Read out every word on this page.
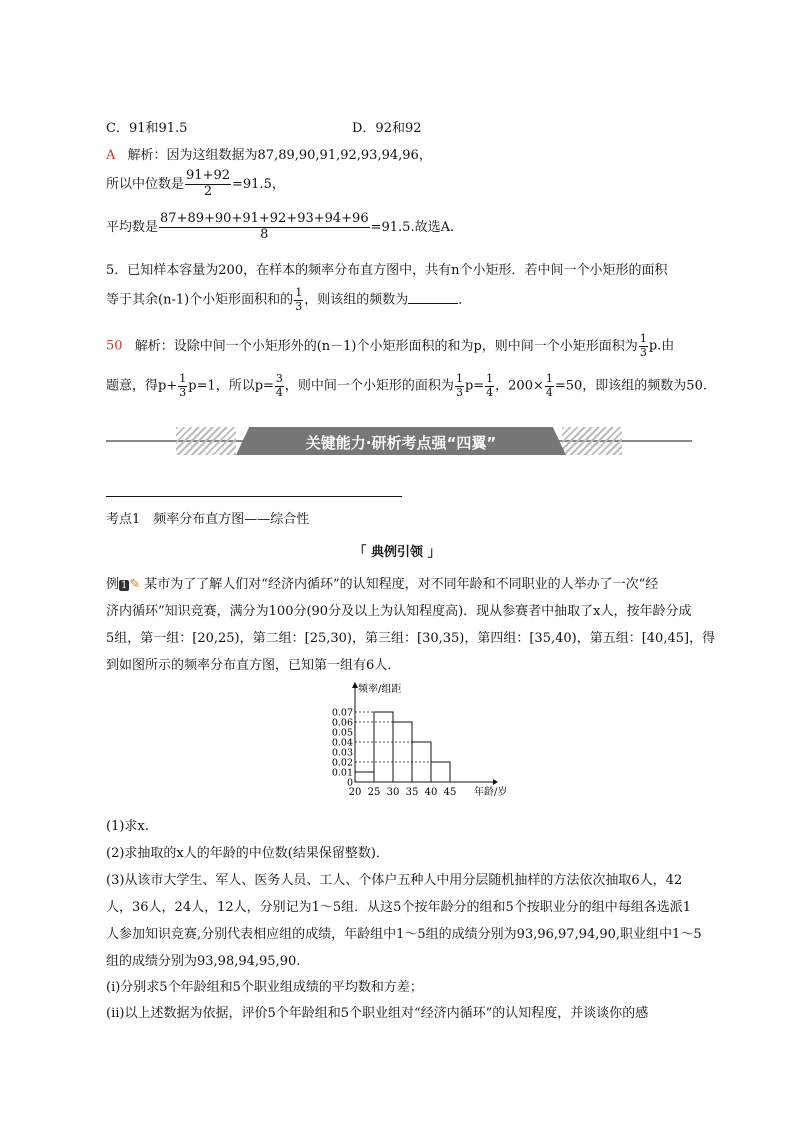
C．91和91.5	D．92和92
A 解析：因为这组数据为87,89,90,91,92,93,94,96，
所以中位数是 $\frac{91+92}{2} =91.5$，
平均数是 $\frac{87+89+90+91+92+93+94+96}{8} =91.5$.故选A.
5．已知样本容量为200，在样本的频率分布直方图中，共有n个小矩形．若中间一个小矩形的面积
等于其余(n-1)个小矩形面积和的 $\frac{1}{3}$ ，则该组的频数为	．
50 解析：设除中间一个小矩形外的(n－1)个小矩形面积的和为p，则中间一个小矩形面积为 $\frac{1}{3} p$.由
题意，得$p+ \frac{1}{3} p=1$，所以$p= \frac{3}{4}$ ，则中间一个小矩形的面积为 $\frac{1}{3} p= \frac{1}{4}$ ，$200\times \frac{1}{4} =50$，即该组的频数为50.
关键能力·研析考点强“四翼”
考点1　频率分布直方图——综合性
「 典例引领 」
例 1 ✎ 某市为了了解人们对“经济内循环”的认知程度，对不同年龄和不同职业的人举办了一次“经
济内循环”知识竞赛，满分为100分(90分及以上为认知程度高)．现从参赛者中抽取了x人，按年龄分成
5组，第一组：[20,25)，第二组：[25,30)，第三组：[30,35)，第四组：[35,40)，第五组：[40,45]，得
到如图所示的频率分布直方图，已知第一组有6人．
0
0.01
0.02
0.03
0.04
0.05
0.06
0.07
20 25 30 35 40 45 年龄/岁
频率/组距
(1)求x.
(2)求抽取的x人的年龄的中位数(结果保留整数)．
(3)从该市大学生、军人、医务人员、工人、个体户五种人中用分层随机抽样的方法依次抽取6人，42
人，36人，24人，12人，分别记为1～5组．从这5个按年龄分的组和5个按职业分的组中每组各选派1
人参加知识竞赛,分别代表相应组的成绩，年龄组中1～5组的成绩分别为93,96,97,94,90,职业组中1～5
组的成绩分别为93,98,94,95,90.
(ⅰ)分别求5个年龄组和5个职业组成绩的平均数和方差；
(ⅱ)以上述数据为依据，评价5个年龄组和5个职业组对“经济内循环”的认知程度，并谈谈你的感
